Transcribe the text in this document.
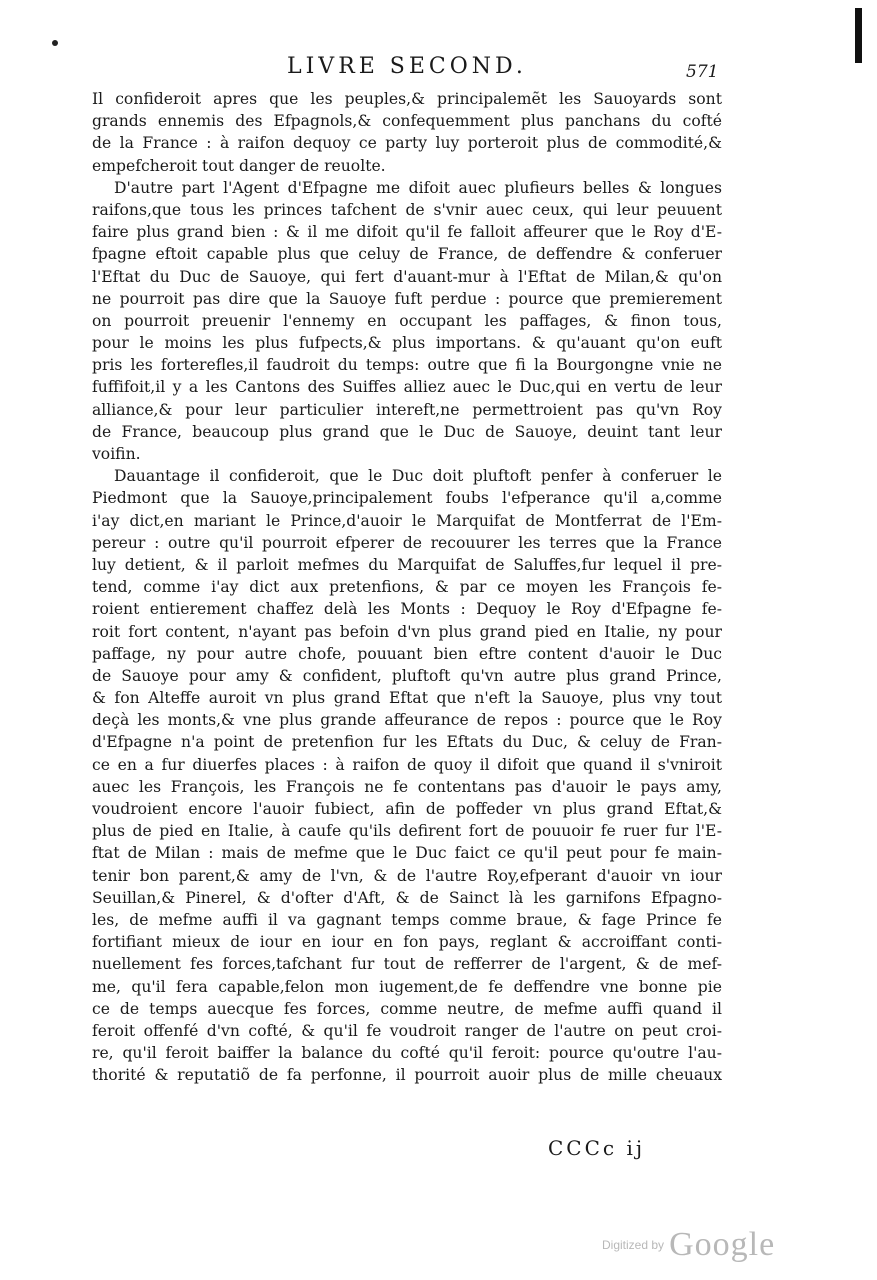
LIVRE SECOND.	571
Il confideroit apres que les peuples,& principalemẽt les Sauoyards sont
grands ennemis des Efpagnols,& confequemment plus panchans du cofté
de la France : à raifon dequoy ce party luy porteroit plus de commodité,&
empefcheroit tout danger de reuolte.
D'autre part l'Agent d'Efpagne me difoit auec plufieurs belles & longues
raifons,que tous les princes tafchent de s'vnir auec ceux, qui leur peuuent
faire plus grand bien : & il me difoit qu'il fe falloit affeurer que le Roy d'E-
fpagne eftoit capable plus que celuy de France, de deffendre & conferuer
l'Eftat du Duc de Sauoye, qui fert d'auant-mur à l'Eftat de Milan,& qu'on
ne pourroit pas dire que la Sauoye fuft perdue : pource que premierement
on pourroit preuenir l'ennemy en occupant les paffages, & finon tous,
pour le moins les plus fufpects,& plus importans. & qu'auant qu'on euft
pris les forterefles,il faudroit du temps: outre que fi la Bourgongne vnie ne
fuffifoit,il y a les Cantons des Suiffes alliez auec le Duc,qui en vertu de leur
alliance,& pour leur particulier intereft,ne permettroient pas qu'vn Roy
de France, beaucoup plus grand que le Duc de Sauoye, deuint tant leur
voifin.
Dauantage il confideroit, que le Duc doit pluftoft penfer à conferuer le
Piedmont que la Sauoye,principalement foubs l'efperance qu'il a,comme
i'ay dict,en mariant le Prince,d'auoir le Marquifat de Montferrat de l'Em-
pereur : outre qu'il pourroit efperer de recouurer les terres que la France
luy detient, & il parloit mefmes du Marquifat de Saluffes,fur lequel il pre-
tend, comme i'ay dict aux pretenfions, & par ce moyen les François fe-
roient entierement chaffez delà les Monts : Dequoy le Roy d'Efpagne fe-
roit fort content, n'ayant pas befoin d'vn plus grand pied en Italie, ny pour
paffage, ny pour autre chofe, pouuant bien eftre content d'auoir le Duc
de Sauoye pour amy & confident, pluftoft qu'vn autre plus grand Prince,
& fon Alteffe auroit vn plus grand Eftat que n'eft la Sauoye, plus vny tout
deçà les monts,& vne plus grande affeurance de repos : pource que le Roy
d'Efpagne n'a point de pretenfion fur les Eftats du Duc, & celuy de Fran-
ce en a fur diuerfes places : à raifon de quoy il difoit que quand il s'vniroit
auec les François, les François ne fe contentans pas d'auoir le pays amy,
voudroient encore l'auoir fubiect, afin de poffeder vn plus grand Eftat,&
plus de pied en Italie, à caufe qu'ils defirent fort de pouuoir fe ruer fur l'E-
ftat de Milan : mais de mefme que le Duc faict ce qu'il peut pour fe main-
tenir bon parent,& amy de l'vn, & de l'autre Roy,efperant d'auoir vn iour
Seuillan,& Pinerel, & d'ofter d'Aft, & de Sainct là les garnifons Efpagno-
les, de mefme auffi il va gagnant temps comme braue, & fage Prince fe
fortifiant mieux de iour en iour en fon pays, reglant & accroiffant conti-
nuellement fes forces,tafchant fur tout de refferrer de l'argent, & de mef-
me, qu'il fera capable,felon mon iugement,de fe deffendre vne bonne pie
ce de temps auecque fes forces, comme neutre, de mefme auffi quand il
feroit offenfé d'vn cofté, & qu'il fe voudroit ranger de l'autre on peut croi-
re, qu'il feroit baiffer la balance du cofté qu'il feroit: pource qu'outre l'au-
thorité & reputatiõ de fa perfonne, il pourroit auoir plus de mille cheuaux
CCCc ij
Digitized by Google
